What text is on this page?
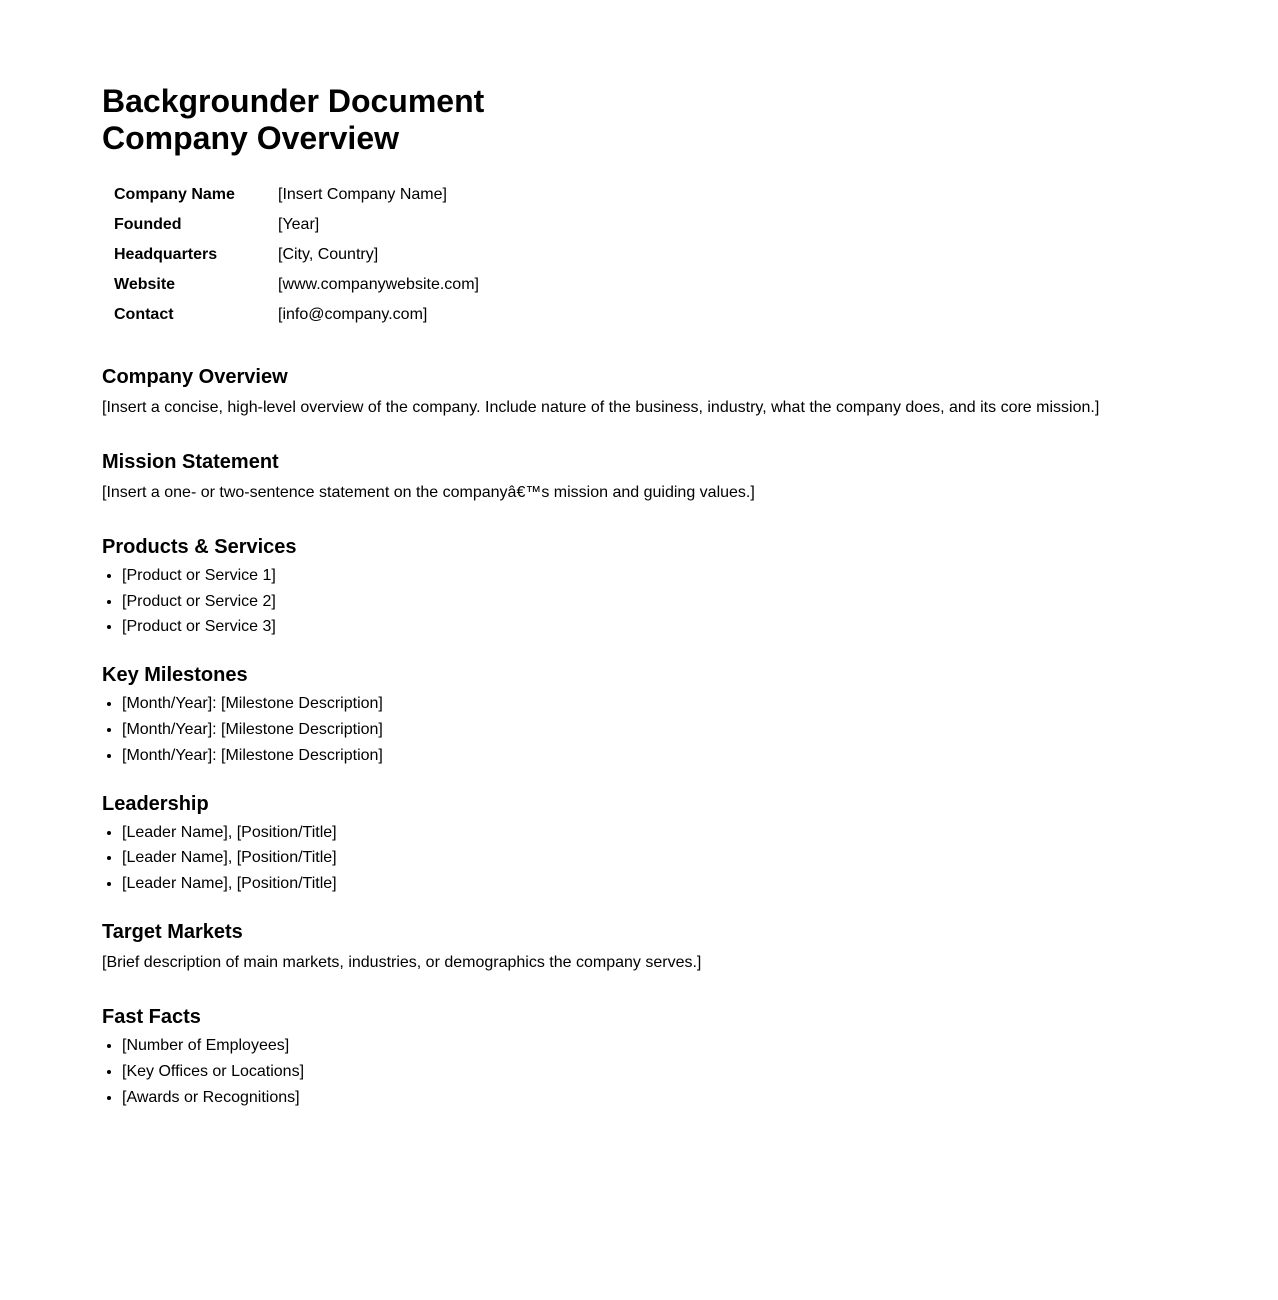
Backgrounder Document
Company Overview
Company Name	[Insert Company Name]
Founded	[Year]
Headquarters	[City, Country]
Website	[www.companywebsite.com]
Contact	[info@company.com]
Company Overview

[Insert a concise, high-level overview of the company. Include nature of the business, industry, what the company does, and its core mission.]

Mission Statement

[Insert a one- or two-sentence statement on the companyâ€™s mission and guiding values.]

Products & Services
• [Product or Service 1]
• [Product or Service 2]
• [Product or Service 3]
Key Milestones
• [Month/Year]: [Milestone Description]
• [Month/Year]: [Milestone Description]
• [Month/Year]: [Milestone Description]
Leadership
• [Leader Name], [Position/Title]
• [Leader Name], [Position/Title]
• [Leader Name], [Position/Title]
Target Markets

[Brief description of main markets, industries, or demographics the company serves.]

Fast Facts
• [Number of Employees]
• [Key Offices or Locations]
• [Awards or Recognitions]
